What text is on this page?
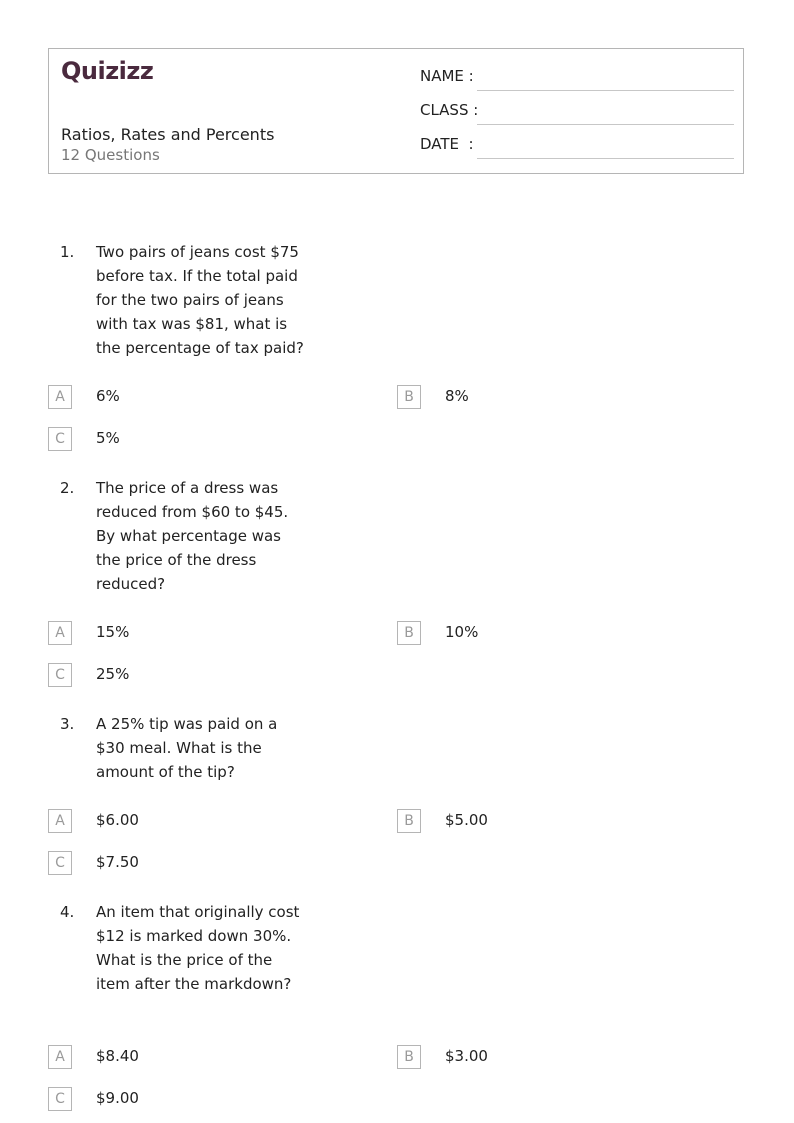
Quizizz
Ratios, Rates and Percents
12 Questions
NAME :
CLASS :
DATE  :
1. Two pairs of jeans cost $75 before tax. If the total paid for the two pairs of jeans with tax was $81, what is the percentage of tax paid?
A	6%	B	8%
C	5%
2. The price of a dress was reduced from $60 to $45. By what percentage was the price of the dress reduced?
A	15%	B	10%
C	25%
3. A 25% tip was paid on a $30 meal. What is the amount of the tip?
A	$6.00	B	$5.00
C	$7.50
4. An item that originally cost $12 is marked down 30%. What is the price of the item after the markdown?
A	$8.40	B	$3.00
C	$9.00
